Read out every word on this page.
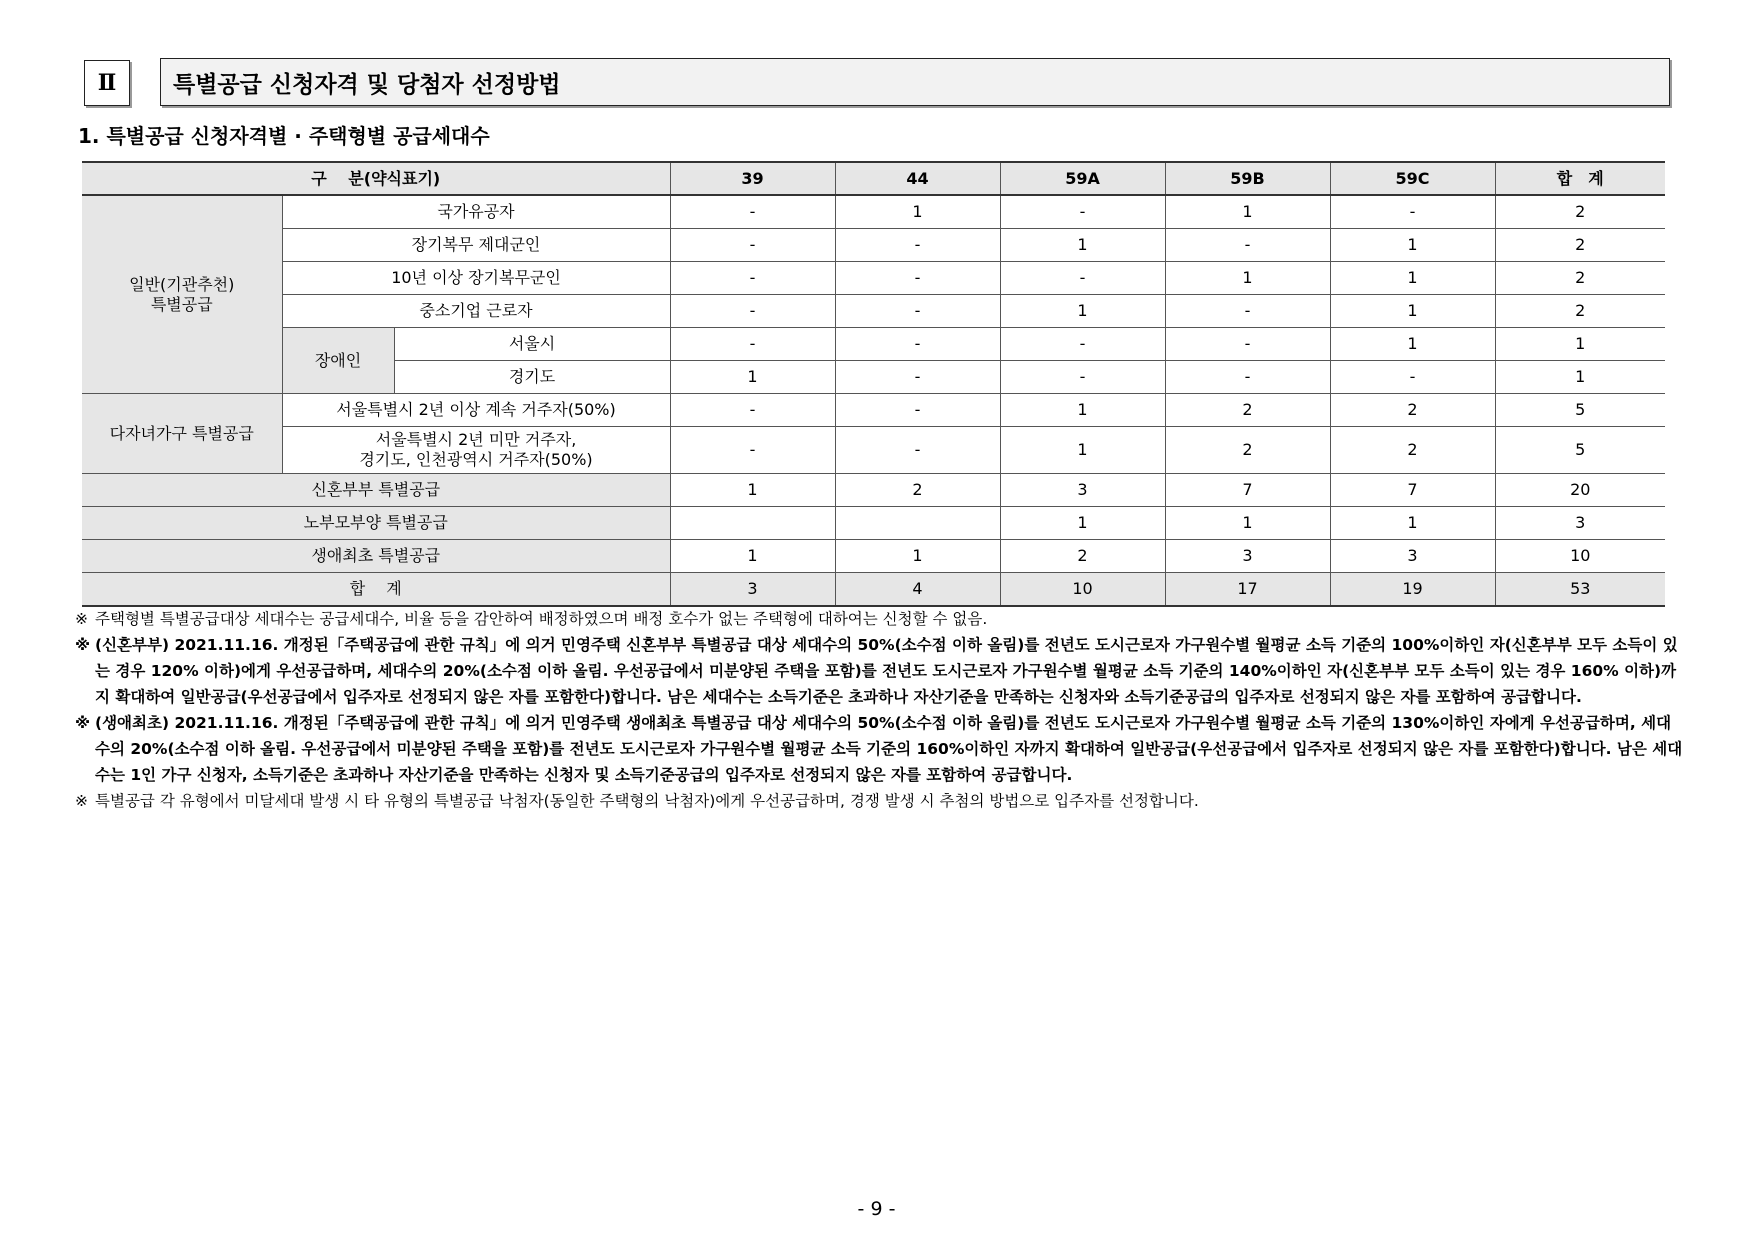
Ⅱ	특별공급 신청자격 및 당첨자 선정방법
1. 특별공급 신청자격별 · 주택형별 공급세대수
구　 분(약식표기)			39	44	59A	59B	59C	합　계
일반(기관추천)
특별공급	국가유공자		-	1	-	1	-	2
	장기복무 제대군인		-	-	1	-	1	2
	10년 이상 장기복무군인		-	-	-	1	1	2
	중소기업 근로자		-	-	1	-	1	2
	장애인	서울시	-	-	-	-	1	1
		경기도	1	-	-	-	-	1
다자녀가구 특별공급	서울특별시 2년 이상 계속 거주자(50%)		-	-	1	2	2	5
	서울특별시 2년 미만 거주자,
경기도, 인천광역시 거주자(50%)		-	-	1	2	2	5
신혼부부 특별공급			1	2	3	7	7	20
노부모부양 특별공급					1	1	1	3
생애최초 특별공급			1	1	2	3	3	10
합　 계			3	4	10	17	19	53
※ 주택형별 특별공급대상 세대수는 공급세대수, 비율 등을 감안하여 배정하였으며 배정 호수가 없는 주택형에 대하여는 신청할 수 없음.
※ (신혼부부) 2021.11.16. 개정된「주택공급에 관한 규칙」에 의거 민영주택 신혼부부 특별공급 대상 세대수의 50%(소수점 이하 올림)를 전년도 도시근로자 가구원수별 월평균 소득 기준의 100%이하인 자(신혼부부 모두 소득이 있는 경우 120% 이하)에게 우선공급하며, 세대수의 20%(소수점 이하 올림. 우선공급에서 미분양된 주택을 포함)를 전년도 도시근로자 가구원수별 월평균 소득 기준의 140%이하인 자(신혼부부 모두 소득이 있는 경우 160% 이하)까지 확대하여 일반공급(우선공급에서 입주자로 선정되지 않은 자를 포함한다)합니다. 남은 세대수는 소득기준은 초과하나 자산기준을 만족하는 신청자와 소득기준공급의 입주자로 선정되지 않은 자를 포함하여 공급합니다.
※ (생애최초) 2021.11.16. 개정된「주택공급에 관한 규칙」에 의거 민영주택 생애최초 특별공급 대상 세대수의 50%(소수점 이하 올림)를 전년도 도시근로자 가구원수별 월평균 소득 기준의 130%이하인 자에게 우선공급하며, 세대수의 20%(소수점 이하 올림. 우선공급에서 미분양된 주택을 포함)를 전년도 도시근로자 가구원수별 월평균 소득 기준의 160%이하인 자까지 확대하여 일반공급(우선공급에서 입주자로 선정되지 않은 자를 포함한다)합니다. 남은 세대수는 1인 가구 신청자, 소득기준은 초과하나 자산기준을 만족하는 신청자 및 소득기준공급의 입주자로 선정되지 않은 자를 포함하여 공급합니다.
※ 특별공급 각 유형에서 미달세대 발생 시 타 유형의 특별공급 낙첨자(동일한 주택형의 낙첨자)에게 우선공급하며, 경쟁 발생 시 추첨의 방법으로 입주자를 선정합니다.
- 9 -
